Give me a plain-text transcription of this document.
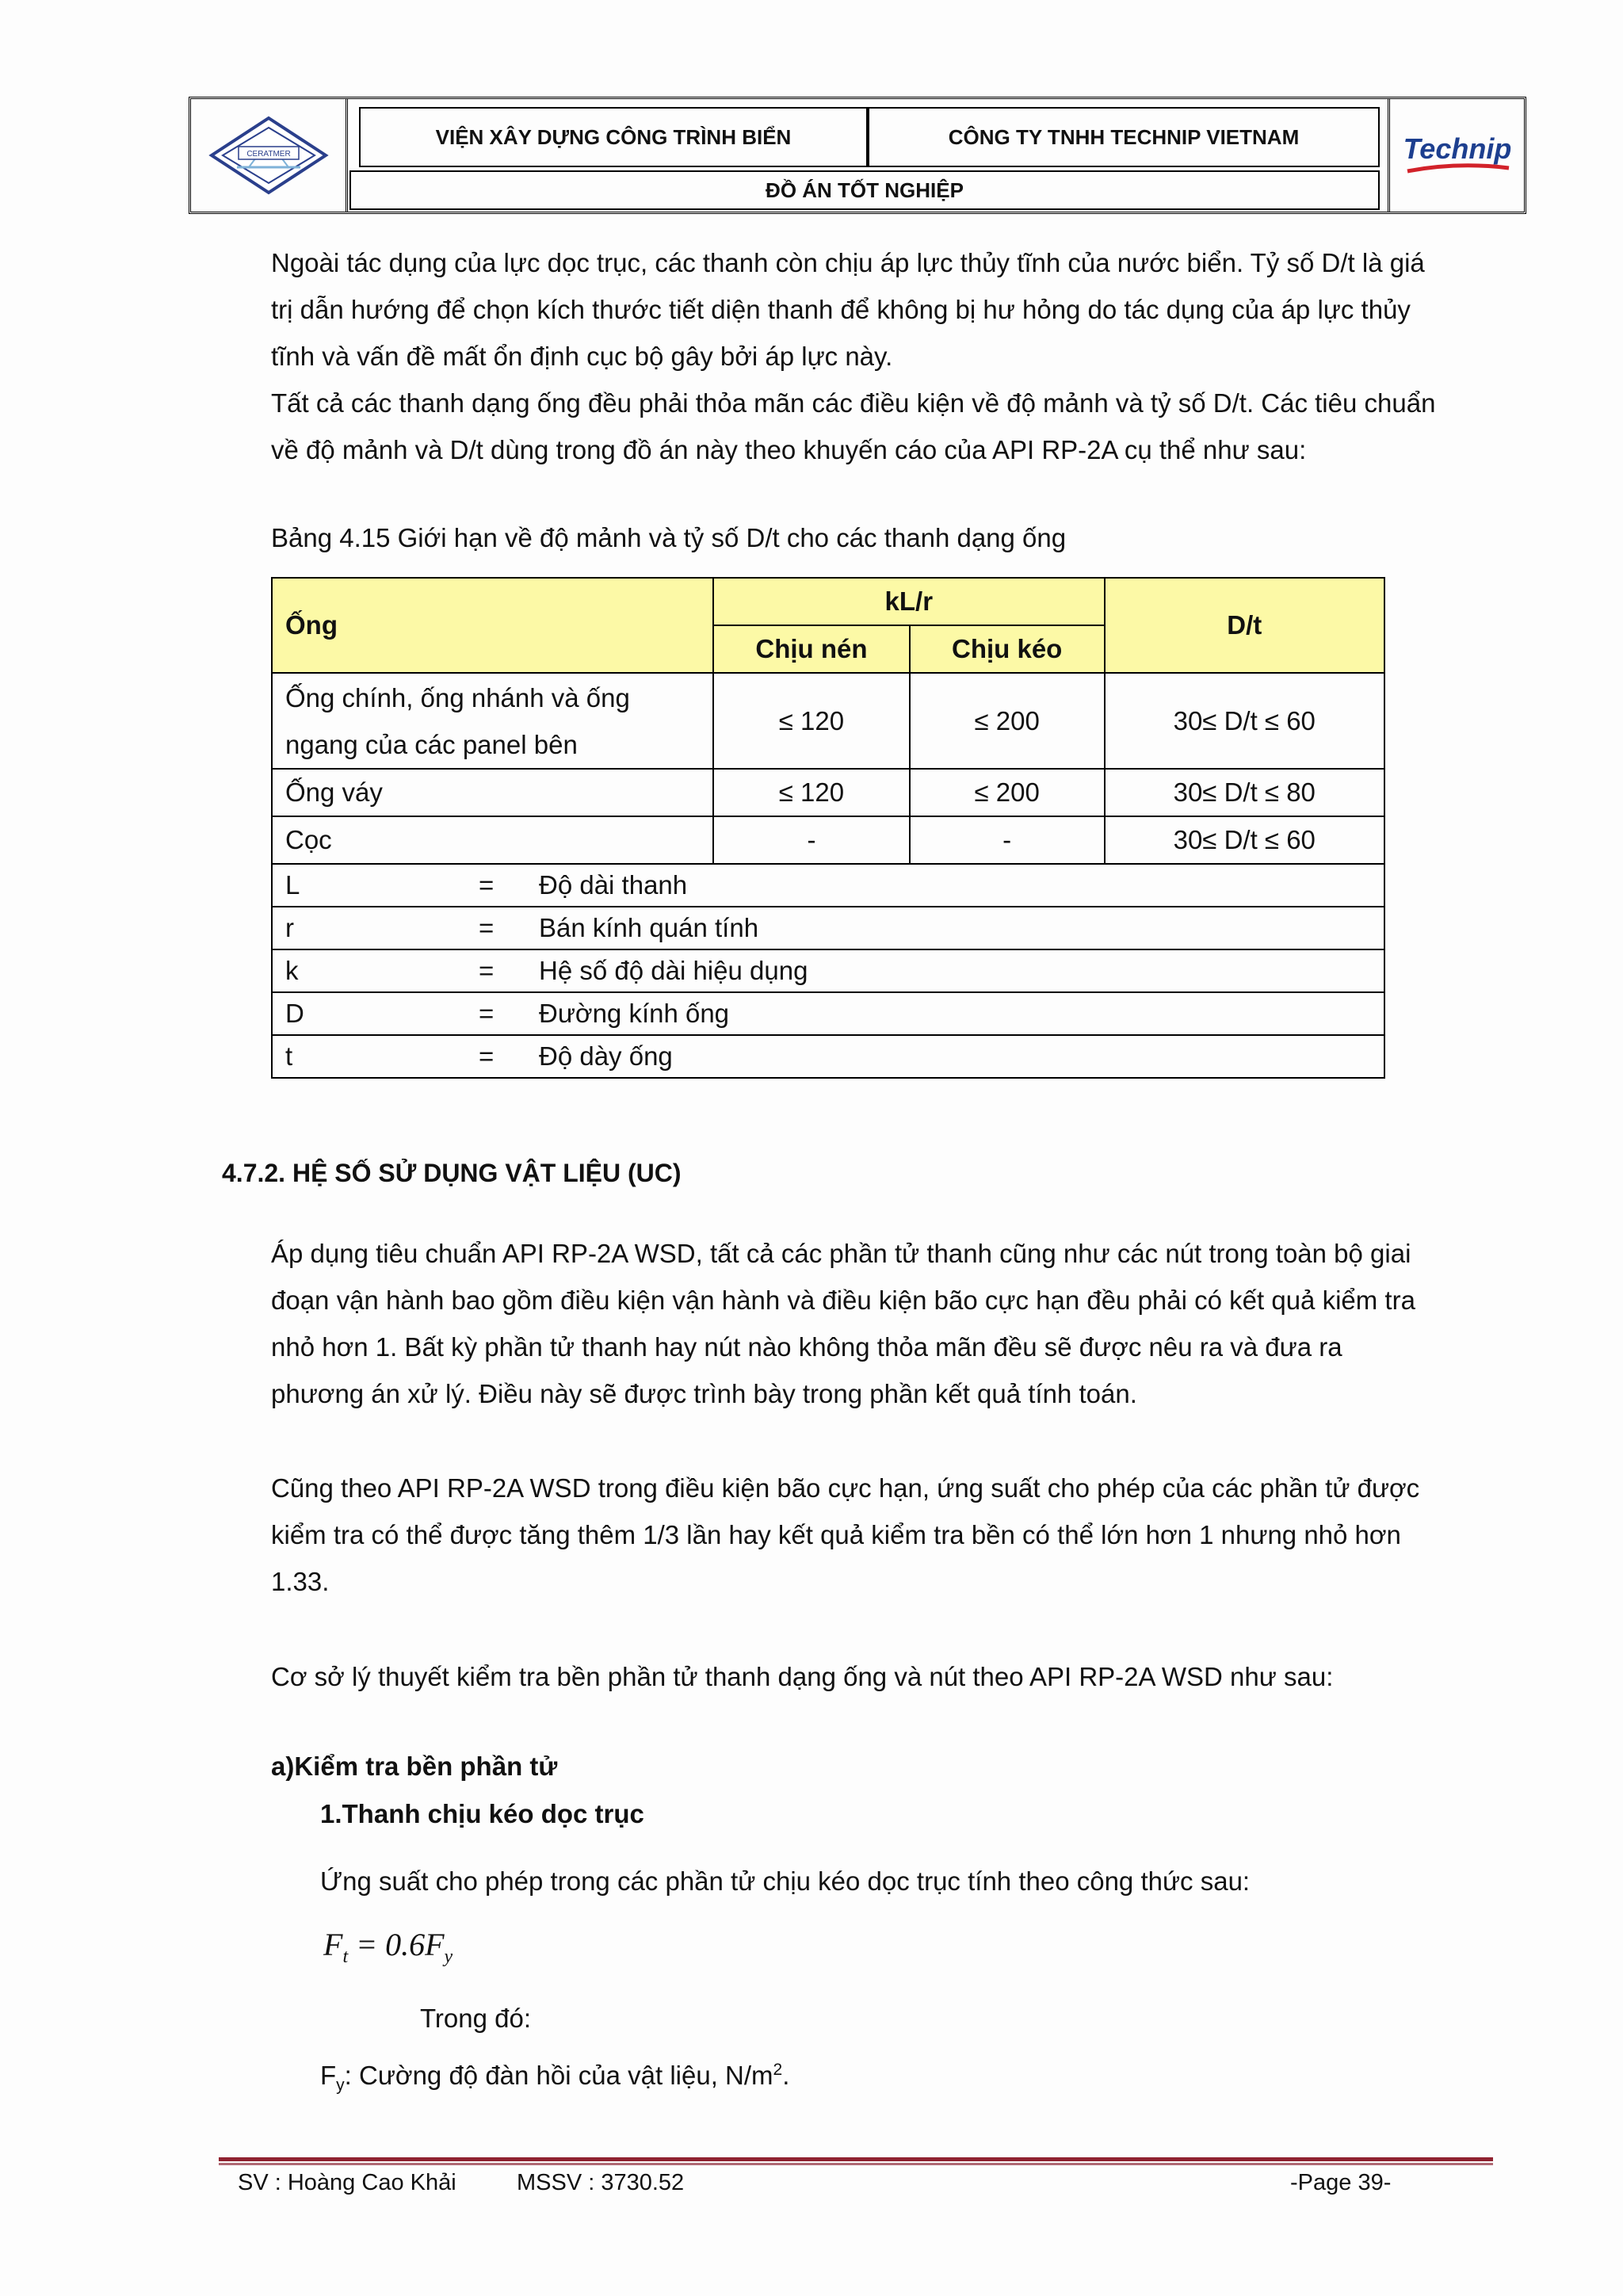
CERATMER
VIỆN XÂY DỰNG CÔNG TRÌNH BIỂN	CÔNG TY TNHH TECHNIP VIETNAM
ĐỒ ÁN TỐT NGHIỆP
Technip
Ngoài tác dụng của lực dọc trục, các thanh còn chịu áp lực thủy tĩnh của nước biển. Tỷ số D/t là giá
trị dẫn hướng để chọn kích thước tiết diện thanh để không bị hư hỏng do tác dụng của áp lực thủy
tĩnh và vấn đề mất ổn định cục bộ gây bởi áp lực này.
Tất cả các thanh dạng ống đều phải thỏa mãn các điều kiện về độ mảnh và tỷ số D/t. Các tiêu chuẩn
về độ mảnh và D/t dùng trong đồ án này theo khuyến cáo của API RP-2A cụ thể như sau:
Bảng 4.15 Giới hạn về độ mảnh và tỷ số D/t cho các thanh dạng ống
Ống	kL/r		D/t
	Chịu nén	Chịu kéo	

Ống chính, ống nhánh và ống
ngang của các panel bên	≤ 120	≤ 200	30≤ D/t ≤ 60
Ống váy	≤ 120	≤ 200	30≤ D/t ≤ 80
Cọc	-	-	30≤ D/t ≤ 60
L = Độ dài thanh			
r = Bán kính quán tính			
k = Hệ số độ dài hiệu dụng			
D = Đường kính ống			
t = Độ dày ống			
4.7.2. HỆ SỐ SỬ DỤNG VẬT LIỆU (UC)
Áp dụng tiêu chuẩn API RP-2A WSD, tất cả các phần tử thanh cũng như các nút trong toàn bộ giai
đoạn vận hành bao gồm điều kiện vận hành và điều kiện bão cực hạn đều phải có kết quả kiểm tra
nhỏ hơn 1. Bất kỳ phần tử thanh hay nút nào không thỏa mãn đều sẽ được nêu ra và đưa ra
phương án xử lý. Điều này sẽ được trình bày trong phần kết quả tính toán.
Cũng theo API RP-2A WSD trong điều kiện bão cực hạn, ứng suất cho phép của các phần tử được
kiểm tra có thể được tăng thêm 1/3 lần hay kết quả kiểm tra bền có thể lớn hơn 1 nhưng nhỏ hơn
1.33.
Cơ sở lý thuyết kiểm tra bền phần tử thanh dạng ống và nút theo API RP-2A WSD như sau:
a)Kiểm tra bền phần tử
1.Thanh chịu kéo dọc trục
Ứng suất cho phép trong các phần tử chịu kéo dọc trục tính theo công thức sau:
$F_t = 0.6F_y$
Trong đó:
$F_y$: Cường độ đàn hồi của vật liệu, $N/m^2$.
SV : Hoàng Cao Khải	MSSV : 3730.52	-Page 39-
